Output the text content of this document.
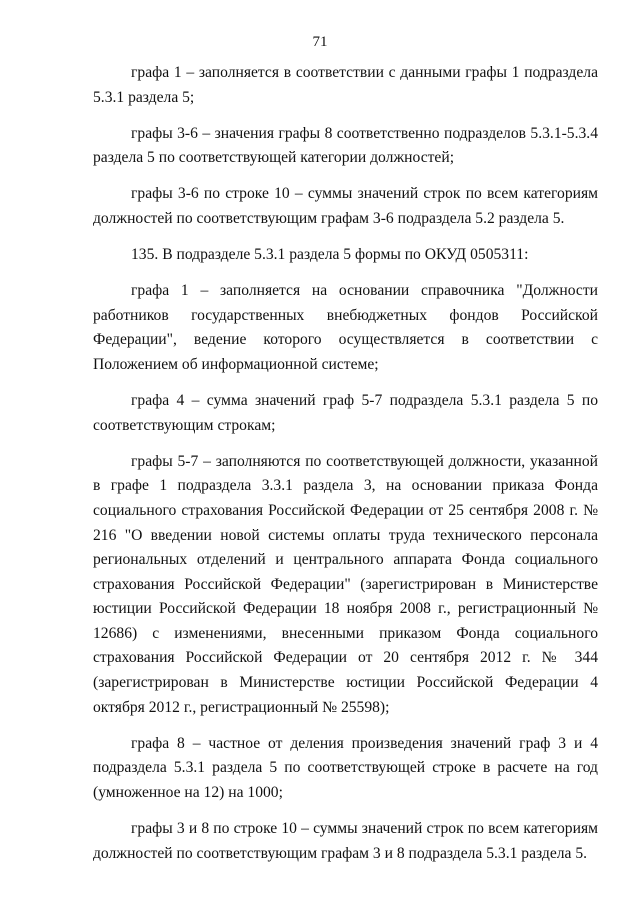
71

графа 1 – заполняется в соответствии с данными графы 1 подраздела 5.3.1 раздела 5;

графы 3-6 – значения графы 8 соответственно подразделов 5.3.1-5.3.4 раздела 5 по соответствующей категории должностей;

графы 3-6 по строке 10 – суммы значений строк по всем категориям должностей по соответствующим графам 3-6 подраздела 5.2 раздела 5.

135. В подразделе 5.3.1 раздела 5 формы по ОКУД 0505311:

графа 1 – заполняется на основании справочника "Должности работников государственных внебюджетных фондов Российской Федерации", ведение которого осуществляется в соответствии с Положением об информационной системе;

графа 4 – сумма значений граф 5-7 подраздела 5.3.1 раздела 5 по соответствующим строкам;

графы 5-7 – заполняются по соответствующей должности, указанной в графе 1 подраздела 3.3.1 раздела 3, на основании приказа Фонда социального страхования Российской Федерации от 25 сентября 2008 г. № 216 "О введении новой системы оплаты труда технического персонала региональных отделений и центрального аппарата Фонда социального страхования Российской Федерации" (зарегистрирован в Министерстве юстиции Российской Федерации 18 ноября 2008 г., регистрационный № 12686) с изменениями, внесенными приказом Фонда социального страхования Российской Федерации от 20 сентября 2012 г. № 344 (зарегистрирован в Министерстве юстиции Российской Федерации 4 октября 2012 г., регистрационный № 25598);

графа 8 – частное от деления произведения значений граф 3 и 4 подраздела 5.3.1 раздела 5 по соответствующей строке в расчете на год (умноженное на 12) на 1000;

графы 3 и 8 по строке 10 – суммы значений строк по всем категориям должностей по соответствующим графам 3 и 8 подраздела 5.3.1 раздела 5.
